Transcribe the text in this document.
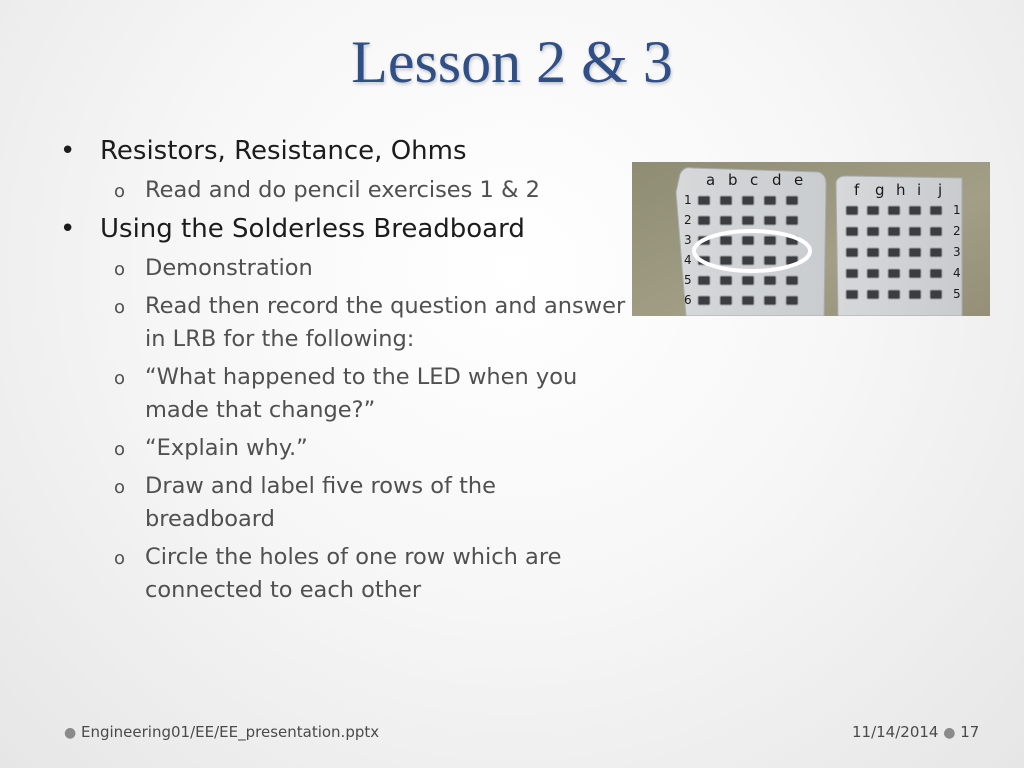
Lesson 2 & 3
• Resistors, Resistance, Ohms
o Read and do pencil exercises 1 & 2
• Using the Solderless Breadboard
o Demonstration
o Read then record the question and answer in LRB for the following:
o “What happened to the LED when you made that change?”
o “Explain why.”
o Draw and label five rows of the breadboard
o Circle the holes of one row which are connected to each other
a b c d e
1
2
3
4
5
6
f g h i j
1
2
3
4
5
● Engineering01/EE/EE_presentation.pptx	11/14/2014 ● 17
